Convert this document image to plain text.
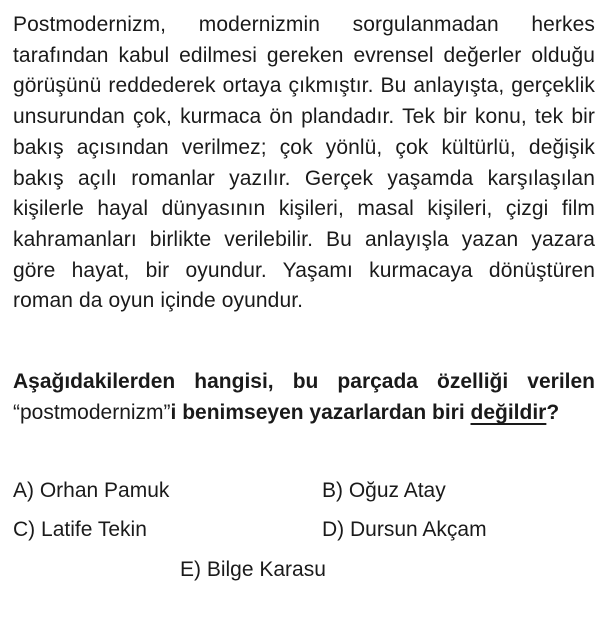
Postmodernizm, modernizmin sorgulanmadan herkes tarafından kabul edilmesi gereken evrensel değerler olduğu görüşünü reddederek ortaya çıkmıştır. Bu anlayışta, gerçeklik unsurundan çok, kurmaca ön plandadır. Tek bir konu, tek bir bakış açısından verilmez; çok yönlü, çok kültürlü, değişik bakış açılı romanlar yazılır. Gerçek yaşamda karşılaşılan kişilerle hayal dünyasının kişileri, masal kişileri, çizgi film kahramanları birlikte verilebilir. Bu anlayışla yazan yazara göre hayat, bir oyundur. Yaşamı kurmacaya dönüştüren roman da oyun içinde oyundur.

Aşağıdakilerden hangisi, bu parçada özelliği verilen “postmodernizm”i benimseyen yazarlardan biri değildir?

A) Orhan Pamuk	B) Oğuz Atay
C) Latife Tekin	D) Dursun Akçam
E) Bilge Karasu
